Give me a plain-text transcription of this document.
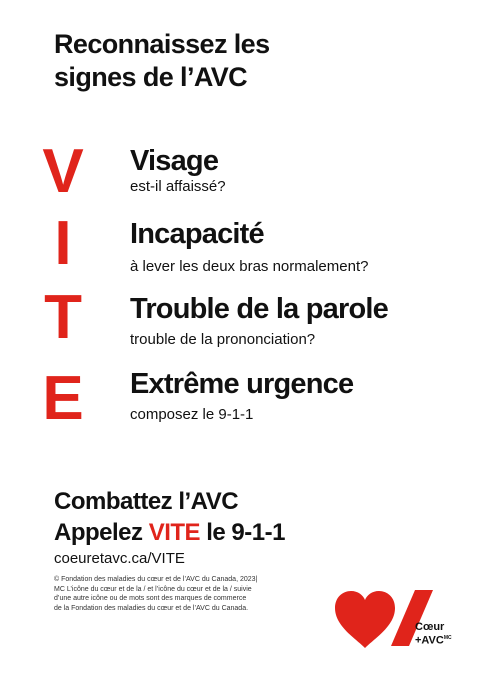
Reconnaissez les
signes de l’AVC
V Visage
est-il affaissé?
I	Incapacité
à lever les deux bras normalement?
T Trouble de la parole
trouble de la prononciation?
E Extrême urgence
composez le 9-1-1
Combattez l’AVC
Appelez VITE le 9-1-1
coeuretavc.ca/VITE
© Fondation des maladies du cœur et de l’AVC du Canada, 2023|
MC L’icône du cœur et de la / et l’icône du cœur et de la / suivie
d’une autre icône ou de mots sont des marques de commerce
de la Fondation des maladies du cœur et de l’AVC du Canada.
Cœur
$+AVC^{MC}$
